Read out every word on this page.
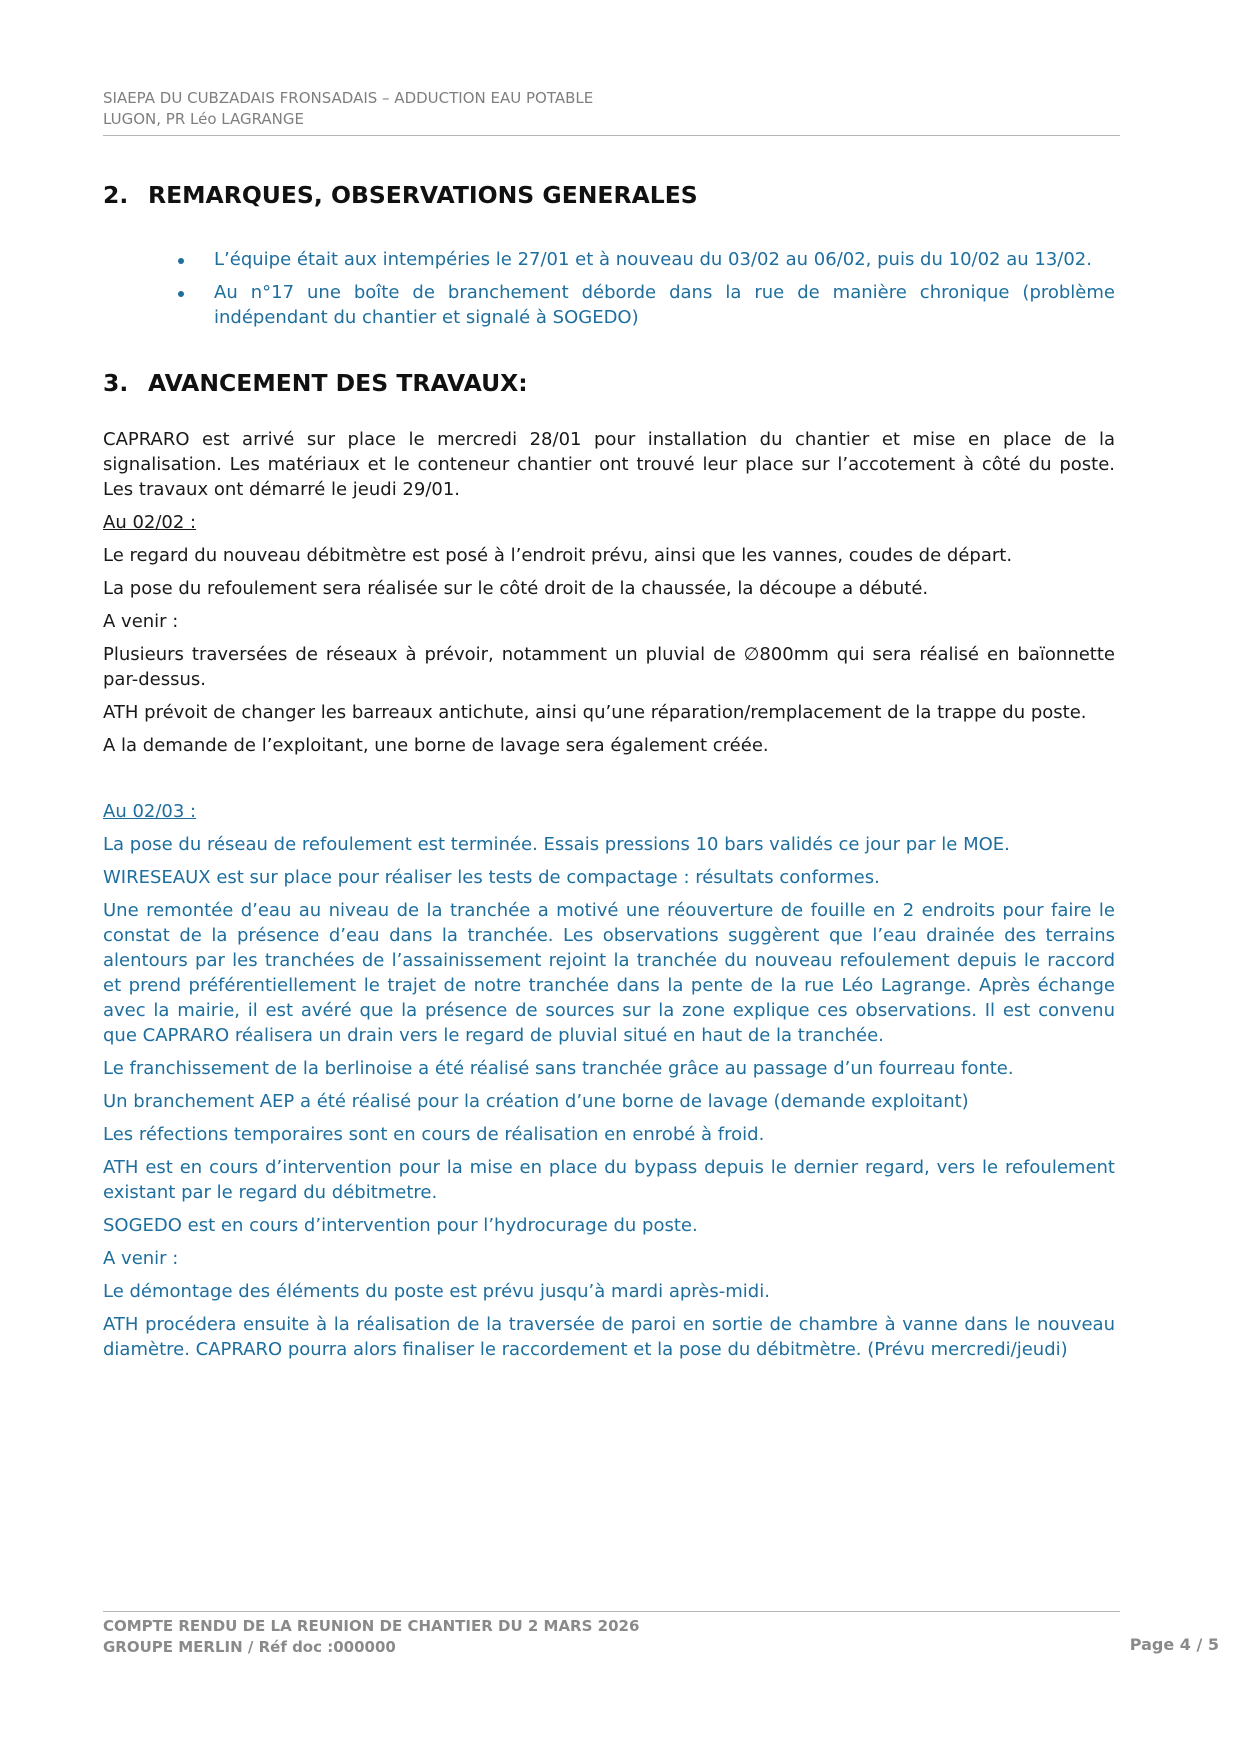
SIAEPA DU CUBZADAIS FRONSADAIS – ADDUCTION EAU POTABLE
LUGON, PR Léo LAGRANGE
2. REMARQUES, OBSERVATIONS GENERALES
L’équipe était aux intempéries le 27/01 et à nouveau du 03/02 au 06/02, puis du 10/02 au 13/02.
Au n°17 une boîte de branchement déborde dans la rue de manière chronique (problème indépendant du chantier et signalé à SOGEDO)
3. AVANCEMENT DES TRAVAUX:

CAPRARO est arrivé sur place le mercredi 28/01 pour installation du chantier et mise en place de la signalisation. Les matériaux et le conteneur chantier ont trouvé leur place sur l’accotement à côté du poste. Les travaux ont démarré le jeudi 29/01.

Au 02/02 :

Le regard du nouveau débitmètre est posé à l’endroit prévu, ainsi que les vannes, coudes de départ.

La pose du refoulement sera réalisée sur le côté droit de la chaussée, la découpe a débuté.

A venir :

Plusieurs traversées de réseaux à prévoir, notamment un pluvial de ∅800mm qui sera réalisé en baïonnette par-dessus.

ATH prévoit de changer les barreaux antichute, ainsi qu’une réparation/remplacement de la trappe du poste.

A la demande de l’exploitant, une borne de lavage sera également créée.

Au 02/03 :

La pose du réseau de refoulement est terminée. Essais pressions 10 bars validés ce jour par le MOE.

WIRESEAUX est sur place pour réaliser les tests de compactage : résultats conformes.

Une remontée d’eau au niveau de la tranchée a motivé une réouverture de fouille en 2 endroits pour faire le constat de la présence d’eau dans la tranchée. Les observations suggèrent que l’eau drainée des terrains alentours par les tranchées de l’assainissement rejoint la tranchée du nouveau refoulement depuis le raccord et prend préférentiellement le trajet de notre tranchée dans la pente de la rue Léo Lagrange. Après échange avec la mairie, il est avéré que la présence de sources sur la zone explique ces observations. Il est convenu que CAPRARO réalisera un drain vers le regard de pluvial situé en haut de la tranchée.

Le franchissement de la berlinoise a été réalisé sans tranchée grâce au passage d’un fourreau fonte.

Un branchement AEP a été réalisé pour la création d’une borne de lavage (demande exploitant)

Les réfections temporaires sont en cours de réalisation en enrobé à froid.

ATH est en cours d’intervention pour la mise en place du bypass depuis le dernier regard, vers le refoulement existant par le regard du débitmetre.

SOGEDO est en cours d’intervention pour l’hydrocurage du poste.

A venir :

Le démontage des éléments du poste est prévu jusqu’à mardi après-midi.

ATH procédera ensuite à la réalisation de la traversée de paroi en sortie de chambre à vanne dans le nouveau diamètre. CAPRARO pourra alors finaliser le raccordement et la pose du débitmètre. (Prévu mercredi/jeudi)

COMPTE RENDU DE LA REUNION DE CHANTIER DU 2 MARS 2026
GROUPE MERLIN / Réf doc :000000	Page 4 / 5
